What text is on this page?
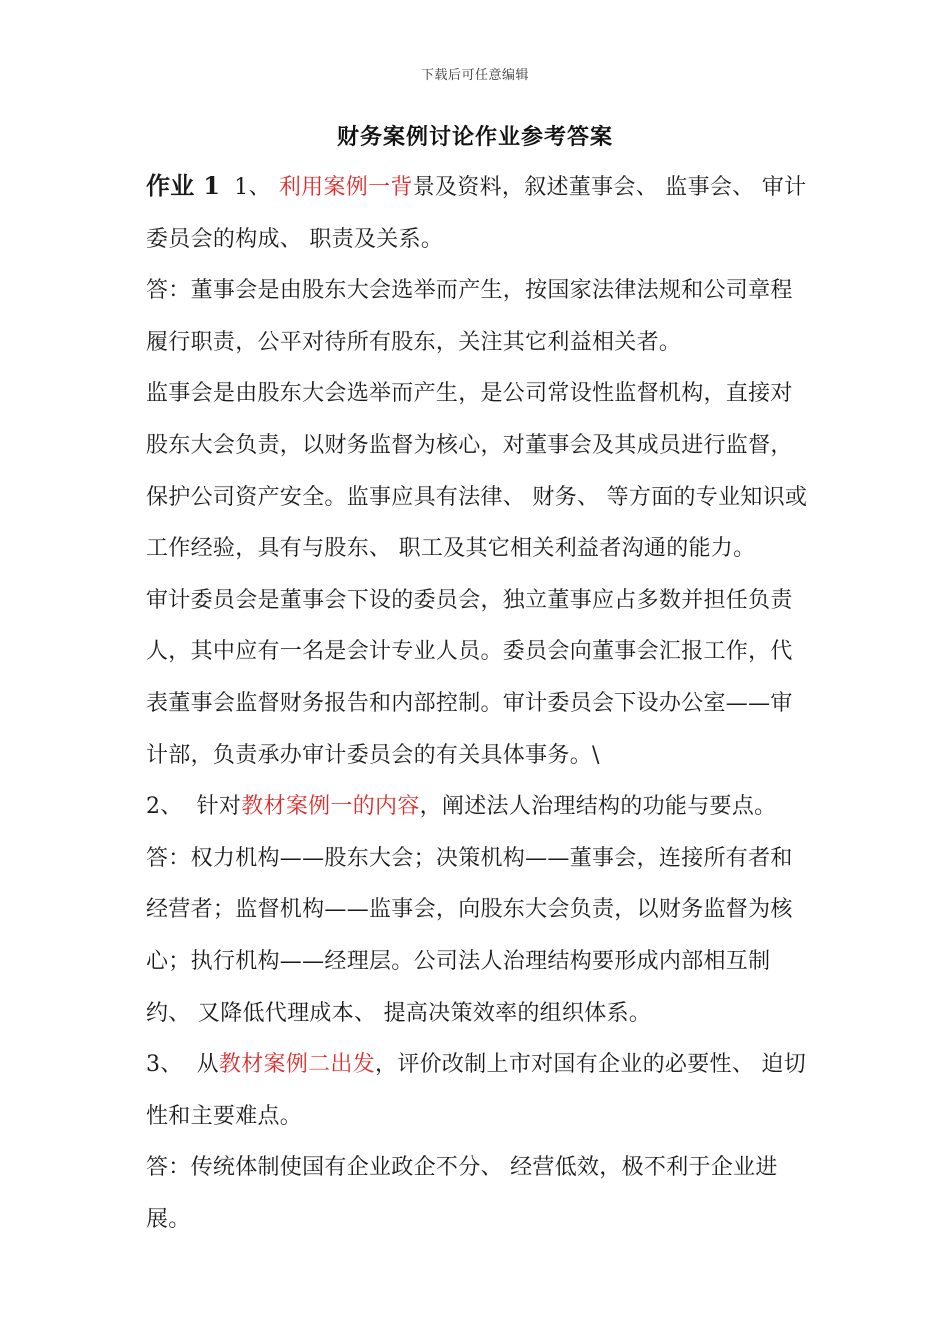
下载后可任意编辑
财务案例讨论作业参考答案

作业 1 1、 利用案例一背景及资料，叙述董事会、 监事会、 审计委员会的构成、 职责及关系。

答：董事会是由股东大会选举而产生，按国家法律法规和公司章程履行职责，公平对待所有股东，关注其它利益相关者。

监事会是由股东大会选举而产生，是公司常设性监督机构，直接对股东大会负责，以财务监督为核心，对董事会及其成员进行监督，保护公司资产安全。监事应具有法律、 财务、 等方面的专业知识或工作经验，具有与股东、 职工及其它相关利益者沟通的能力。

审计委员会是董事会下设的委员会，独立董事应占多数并担任负责人，其中应有一名是会计专业人员。委员会向董事会汇报工作，代表董事会监督财务报告和内部控制。审计委员会下设办公室——审计部，负责承办审计委员会的有关具体事务。\

2、 针对教材案例一的内容，阐述法人治理结构的功能与要点。

答：权力机构——股东大会；决策机构——董事会，连接所有者和经营者；监督机构——监事会，向股东大会负责，以财务监督为核心；执行机构——经理层。公司法人治理结构要形成内部相互制约、 又降低代理成本、 提高决策效率的组织体系。

3、 从教材案例二出发，评价改制上市对国有企业的必要性、 迫切性和主要难点。

答：传统体制使国有企业政企不分、 经营低效，极不利于企业进展。
